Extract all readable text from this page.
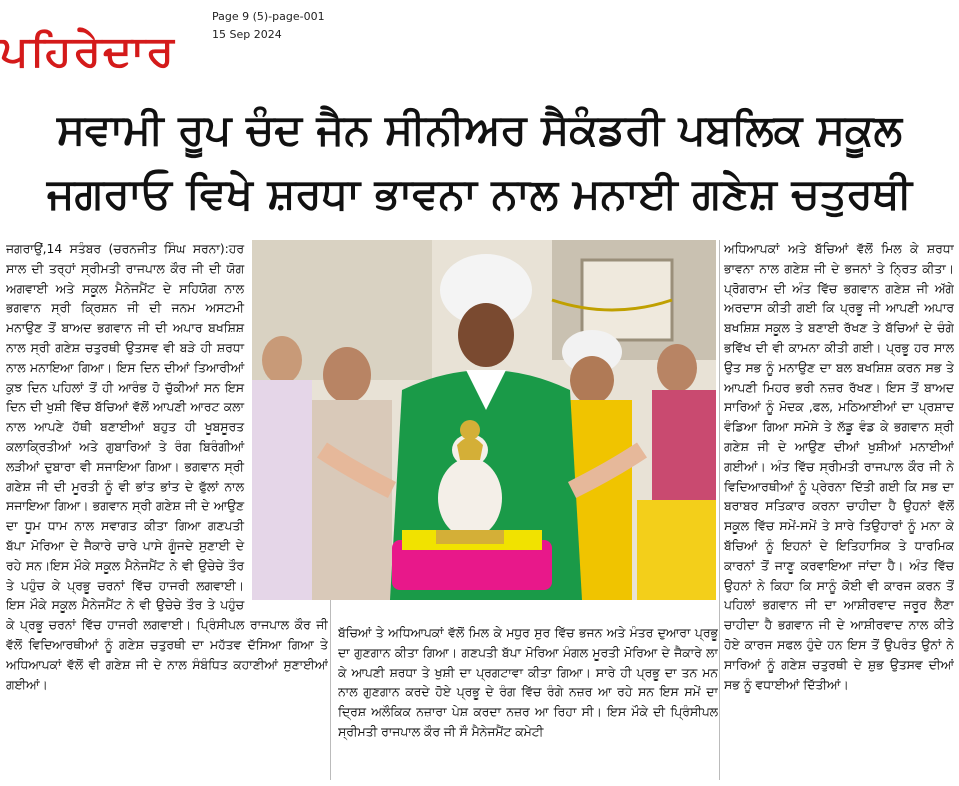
ਪਹਿਰੇਦਾਰ
Page 9 (5)-page-001
15 Sep 2024
ਸਵਾਮੀ ਰੂਪ ਚੰਦ ਜੈਨ ਸੀਨੀਅਰ ਸੈਕੰਡਰੀ ਪਬਲਿਕ ਸਕੂਲ
ਜਗਰਾਓ ਵਿਖੇ ਸ਼ਰਧਾ ਭਾਵਨਾ ਨਾਲ ਮਨਾਈ ਗਣੇਸ਼ ਚਤੁਰਥੀ
ਜਗਰਾਉਂ,14 ਸਤੰਬਰ (ਚਰਨਜੀਤ ਸਿੰਘ ਸਰਨਾ):ਹਰ ਸਾਲ ਦੀ ਤਰ੍ਹਾਂ ਸ੍ਰੀਮਤੀ ਰਾਜਪਾਲ ਕੌਰ ਜੀ ਦੀ ਯੋਗ ਅਗਵਾਈ ਅਤੇ ਸਕੂਲ ਮੈਨੇਜਮੈਂਟ ਦੇ ਸਹਿਯੋਗ ਨਾਲ ਭਗਵਾਨ ਸ੍ਰੀ ਕ੍ਰਿਸ਼ਨ ਜੀ ਦੀ ਜਨਮ ਅਸਟਮੀ ਮਨਾਉਣ ਤੋਂ ਬਾਅਦ ਭਗਵਾਨ ਜੀ ਦੀ ਅਪਾਰ ਬਖਸ਼ਿਸ਼ ਨਾਲ ਸ੍ਰੀ ਗਣੇਸ਼ ਚਤੁਰਥੀ ਉਤਸਵ ਵੀ ਬੜੇ ਹੀ ਸ਼ਰਧਾ ਨਾਲ ਮਨਾਇਆ ਗਿਆ। ਇਸ ਦਿਨ ਦੀਆਂ ਤਿਆਰੀਆਂ ਕੁਝ ਦਿਨ ਪਹਿਲਾਂ ਤੋਂ ਹੀ ਆਰੰਭ ਹੋ ਚੁੱਕੀਆਂ ਸਨ ਇਸ ਦਿਨ ਦੀ ਖੁਸ਼ੀ ਵਿੱਚ ਬੱਚਿਆਂ ਵੱਲੋਂ ਆਪਣੀ ਆਰਟ ਕਲਾ ਨਾਲ ਆਪਣੇ ਹੱਥੀ ਬਣਾਈਆਂ ਬਹੁਤ ਹੀ ਖੂਬਸੂਰਤ ਕਲਾਕ੍ਰਿਤੀਆਂ ਅਤੇ ਗੁਬਾਰਿਆਂ ਤੇ ਰੰਗ ਬਿਰੰਗੀਆਂ ਲੜੀਆਂ ਦੁਬਾਰਾ ਵੀ ਸਜਾਇਆ ਗਿਆ। ਭਗਵਾਨ ਸ੍ਰੀ ਗਣੇਸ਼ ਜੀ ਦੀ ਮੂਰਤੀ ਨੂੰ ਵੀ ਭਾਂਤ ਭਾਂਤ ਦੇ ਫੁੱਲਾਂ ਨਾਲ ਸਜਾਇਆ ਗਿਆ। ਭਗਵਾਨ ਸ੍ਰੀ ਗਣੇਸ਼ ਜੀ ਦੇ ਆਉਣ ਦਾ ਧੂਮ ਧਾਮ ਨਾਲ ਸਵਾਗਤ ਕੀਤਾ ਗਿਆ ਗਣਪਤੀ ਬੱਪਾ ਮੋਰਿਆ ਦੇ ਜੈਕਾਰੇ ਚਾਰੇ ਪਾਸੇ ਗੂੰਜਦੇ ਸੁਣਾਈ ਦੇ ਰਹੇ ਸਨ।ਇਸ ਮੌਕੇ ਸਕੂਲ ਮੈਨੇਜਮੈਂਟ ਨੇ ਵੀ ਉਚੇਚੇ ਤੌਰ ਤੇ ਪਹੁੰਚ ਕੇ ਪ੍ਰਭੂ ਚਰਨਾਂ ਵਿੱਚ ਹਾਜਰੀ ਲਗਵਾਈ। ਇਸ ਮੌਕੇ ਸਕੂਲ ਮੈਨੇਜਮੈਂਟ ਨੇ ਵੀ ਉਚੇਚੇ ਤੌਰ ਤੇ ਪਹੁੰਚ ਕੇ ਪ੍ਰਭੂ ਚਰਨਾਂ ਵਿੱਚ ਹਾਜਰੀ ਲਗਵਾਈ। ਪ੍ਰਿੰਸੀਪਲ ਰਾਜਪਾਲ ਕੌਰ ਜੀ ਵੱਲੋਂ ਵਿਦਿਆਰਥੀਆਂ ਨੂੰ ਗਣੇਸ਼ ਚਤੁਰਥੀ ਦਾ ਮਹੱਤਵ ਦੱਸਿਆ ਗਿਆ ਤੇ ਅਧਿਆਪਕਾਂ ਵੱਲੋਂ ਵੀ ਗਣੇਸ਼ ਜੀ ਦੇ ਨਾਲ ਸੰਬੰਧਿਤ ਕਹਾਣੀਆਂ ਸੁਣਾਈਆਂ ਗਈਆਂ।
ਬੱਚਿਆਂ ਤੇ ਅਧਿਆਪਕਾਂ ਵੱਲੋਂ ਮਿਲ ਕੇ ਮਧੁਰ ਸੁਰ ਵਿੱਚ ਭਜਨ ਅਤੇ ਮੰਤਰ ਦੁਆਰਾ ਪ੍ਰਭੂ ਦਾ ਗੁਣਗਾਨ ਕੀਤਾ ਗਿਆ। ਗਣਪਤੀ ਬੱਪਾ ਮੋਰਿਆ ਮੰਗਲ ਮੂਰਤੀ ਮੋਰਿਆ ਦੇ ਜੈਕਾਰੇ ਲਾ ਕੇ ਆਪਣੀ ਸ਼ਰਧਾ ਤੇ ਖੁਸ਼ੀ ਦਾ ਪ੍ਰਗਟਾਵਾ ਕੀਤਾ ਗਿਆ। ਸਾਰੇ ਹੀ ਪ੍ਰਭੂ ਦਾ ਤਨ ਮਨ ਨਾਲ ਗੁਣਗਾਨ ਕਰਦੇ ਹੋਏ ਪ੍ਰਭੂ ਦੇ ਰੰਗ ਵਿੱਚ ਰੰਗੇ ਨਜ਼ਰ ਆ ਰਹੇ ਸਨ ਇਸ ਸਮੇਂ ਦਾ ਦ੍ਰਿਸ਼ ਅਲੌਕਿਕ ਨਜ਼ਾਰਾ ਪੇਸ਼ ਕਰਦਾ ਨਜ਼ਰ ਆ ਰਿਹਾ ਸੀ। ਇਸ ਮੌਕੇ ਦੀ ਪ੍ਰਿੰਸੀਪਲ ਸ੍ਰੀਮਤੀ ਰਾਜਪਾਲ ਕੌਰ ਜੀ ਸੌ ਮੈਨੇਜਮੈਂਟ ਕਮੇਟੀ
ਅਧਿਆਪਕਾਂ ਅਤੇ ਬੱਚਿਆਂ ਵੱਲੋਂ ਮਿਲ ਕੇ ਸ਼ਰਧਾ ਭਾਵਨਾ ਨਾਲ ਗਣੇਸ਼ ਜੀ ਦੇ ਭਜਨਾਂ ਤੇ ਨ੍ਰਿਤ ਕੀਤਾ। ਪ੍ਰੋਗਰਾਮ ਦੀ ਅੰਤ ਵਿੱਚ ਭਗਵਾਨ ਗਣੇਸ਼ ਜੀ ਅੱਗੇ ਅਰਦਾਸ ਕੀਤੀ ਗਈ ਕਿ ਪ੍ਰਭੂ ਜੀ ਆਪਣੀ ਅਪਾਰ ਬਖਸ਼ਿਸ਼ ਸਕੂਲ ਤੇ ਬਣਾਈ ਰੱਖਣ ਤੇ ਬੱਚਿਆਂ ਦੇ ਚੰਗੇ ਭਵਿੱਖ ਦੀ ਵੀ ਕਾਮਨਾ ਕੀਤੀ ਗਈ। ਪ੍ਰਭੂ ਹਰ ਸਾਲ ਉਤ ਸਭ ਨੂੰ ਮਨਾਉਣ ਦਾ ਬਲ ਬਖਸ਼ਿਸ਼ ਕਰਨ ਸਭ ਤੇ ਆਪਣੀ ਮਿਹਰ ਭਰੀ ਨਜ਼ਰ ਰੱਖਣ। ਇਸ ਤੋਂ ਬਾਅਦ ਸਾਰਿਆਂ ਨੂੰ ਮੋਦਕ ,ਫਲ, ਮਠਿਆਈਆਂ ਦਾ ਪ੍ਰਸ਼ਾਦ ਵੰਡਿਆ ਗਿਆ ਸਮੋਸੇ ਤੇ ਲੱਡੂ ਵੰਡ ਕੇ ਭਗਵਾਨ ਸ਼੍ਰੀ ਗਣੇਸ਼ ਜੀ ਦੇ ਆਉਣ ਦੀਆਂ ਖੁਸ਼ੀਆਂ ਮਨਾਈਆਂ ਗਈਆਂ। ਅੰਤ ਵਿੱਚ ਸ੍ਰੀਮਤੀ ਰਾਜਪਾਲ ਕੌਰ ਜੀ ਨੇ ਵਿਦਿਆਰਥੀਆਂ ਨੂੰ ਪ੍ਰੇਰਨਾ ਦਿੱਤੀ ਗਈ ਕਿ ਸਭ ਦਾ ਬਰਾਬਰ ਸਤਿਕਾਰ ਕਰਨਾ ਚਾਹੀਦਾ ਹੈ ਉਹਨਾਂ ਵੱਲੋਂ ਸਕੂਲ ਵਿੱਚ ਸਮੇਂ-ਸਮੇਂ ਤੇ ਸਾਰੇ ਤਿਉਹਾਰਾਂ ਨੂੰ ਮਨਾ ਕੇ ਬੱਚਿਆਂ ਨੂੰ ਇਹਨਾਂ ਦੇ ਇਤਿਹਾਸਿਕ ਤੇ ਧਾਰਮਿਕ ਕਾਰਨਾਂ ਤੋਂ ਜਾਣੂ ਕਰਵਾਇਆ ਜਾਂਦਾ ਹੈ। ਅੰਤ ਵਿੱਚ ਉਹਨਾਂ ਨੇ ਕਿਹਾ ਕਿ ਸਾਨੂੰ ਕੋਈ ਵੀ ਕਾਰਜ ਕਰਨ ਤੋਂ ਪਹਿਲਾਂ ਭਗਵਾਨ ਜੀ ਦਾ ਆਸ਼ੀਰਵਾਦ ਜਰੂਰ ਲੈਣਾ ਚਾਹੀਦਾ ਹੈ ਭਗਵਾਨ ਜੀ ਦੇ ਆਸ਼ੀਰਵਾਦ ਨਾਲ ਕੀਤੇ ਹੋਏ ਕਾਰਜ ਸਫਲ ਹੁੰਦੇ ਹਨ ਇਸ ਤੋਂ ਉਪਰੰਤ ਉਨਾਂ ਨੇ ਸਾਰਿਆਂ ਨੂੰ ਗਣੇਸ਼ ਚਤੁਰਥੀ ਦੇ ਸ਼ੁਭ ਉਤਸਵ ਦੀਆਂ ਸਭ ਨੂੰ ਵਧਾਈਆਂ ਦਿੱਤੀਆਂ।
